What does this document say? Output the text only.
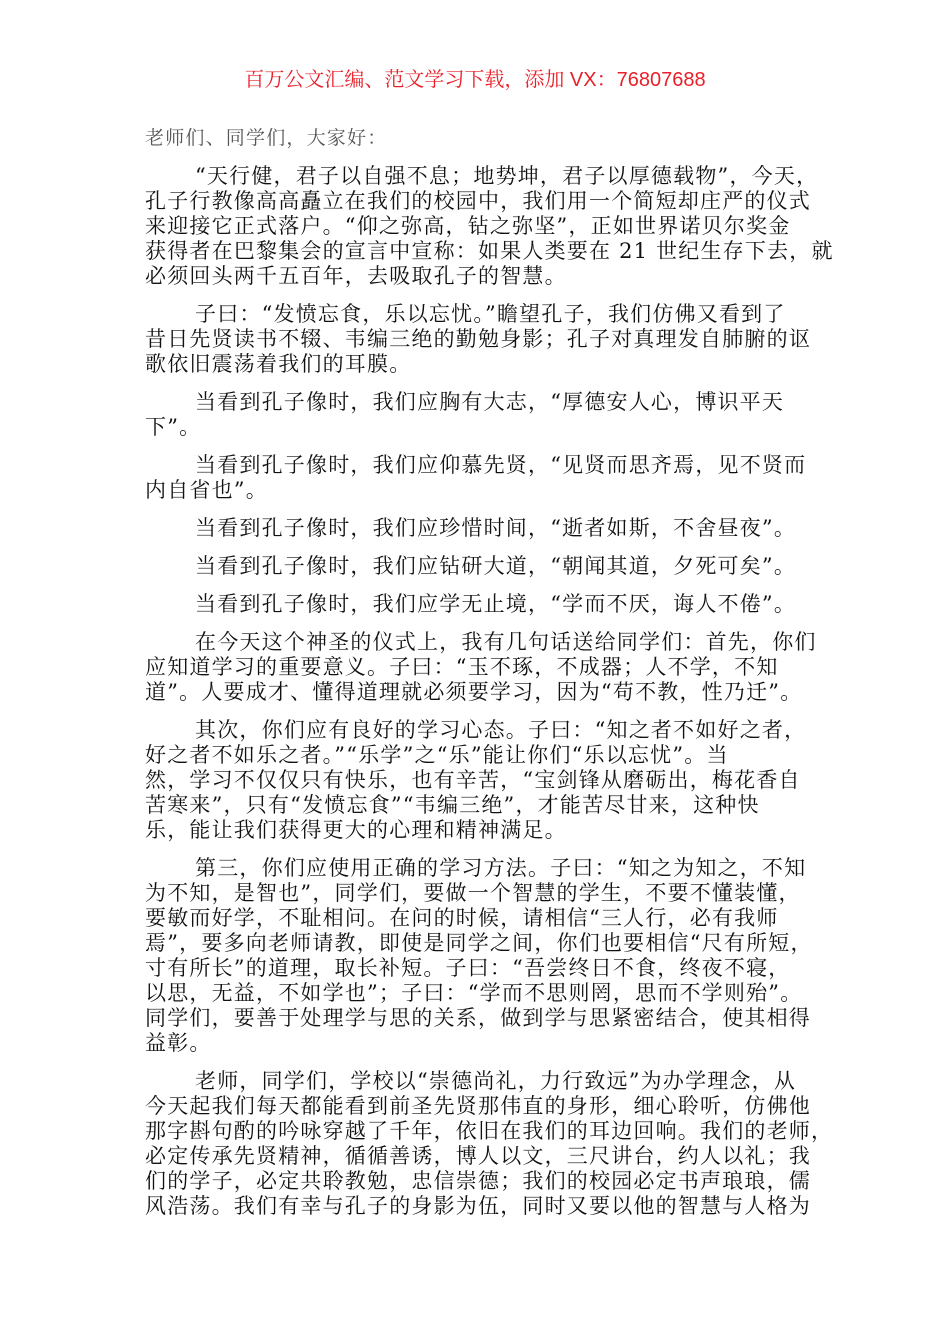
百万公文汇编、范文学习下载，添加 VX：76807688
老师们、同学们，大家好：
“天行健，君子以自强不息；地势坤，君子以厚德载物”，今天，
孔子行教像高高矗立在我们的校园中，我们用一个简短却庄严的仪式
来迎接它正式落户。“仰之弥高，钻之弥坚”，正如世界诺贝尔奖金
获得者在巴黎集会的宣言中宣称：如果人类要在 21 世纪生存下去，就
必须回头两千五百年，去吸取孔子的智慧。
子曰：“发愤忘食，乐以忘忧。”瞻望孔子，我们仿佛又看到了
昔日先贤读书不辍、韦编三绝的勤勉身影；孔子对真理发自肺腑的讴
歌依旧震荡着我们的耳膜。
当看到孔子像时，我们应胸有大志，“厚德安人心，博识平天
下”。
当看到孔子像时，我们应仰慕先贤，“见贤而思齐焉，见不贤而
内自省也”。
当看到孔子像时，我们应珍惜时间，“逝者如斯，不舍昼夜”。
当看到孔子像时，我们应钻研大道，“朝闻其道，夕死可矣”。
当看到孔子像时，我们应学无止境，“学而不厌，诲人不倦”。
在今天这个神圣的仪式上，我有几句话送给同学们：首先，你们
应知道学习的重要意义。子曰：“玉不琢，不成器；人不学，不知
道”。人要成才、懂得道理就必须要学习，因为“苟不教，性乃迁”。
其次，你们应有良好的学习心态。子曰：“知之者不如好之者，
好之者不如乐之者。”“乐学”之“乐”能让你们“乐以忘忧”。当
然，学习不仅仅只有快乐，也有辛苦，“宝剑锋从磨砺出，梅花香自
苦寒来”，只有“发愤忘食”“韦编三绝”，才能苦尽甘来，这种快
乐，能让我们获得更大的心理和精神满足。
第三，你们应使用正确的学习方法。子曰：“知之为知之，不知
为不知，是智也”，同学们，要做一个智慧的学生，不要不懂装懂，
要敏而好学，不耻相问。在问的时候，请相信“三人行，必有我师
焉”，要多向老师请教，即使是同学之间，你们也要相信“尺有所短，
寸有所长”的道理，取长补短。子曰：“吾尝终日不食，终夜不寝，
以思，无益，不如学也”；子曰：“学而不思则罔，思而不学则殆”。
同学们，要善于处理学与思的关系，做到学与思紧密结合，使其相得
益彰。
老师，同学们，学校以“崇德尚礼，力行致远”为办学理念，从
今天起我们每天都能看到前圣先贤那伟直的身形，细心聆听，仿佛他
那字斟句酌的吟咏穿越了千年，依旧在我们的耳边回响。我们的老师，
必定传承先贤精神，循循善诱，博人以文，三尺讲台，约人以礼；我
们的学子，必定共聆教勉，忠信崇德；我们的校园必定书声琅琅，儒
风浩荡。我们有幸与孔子的身影为伍，同时又要以他的智慧与人格为
